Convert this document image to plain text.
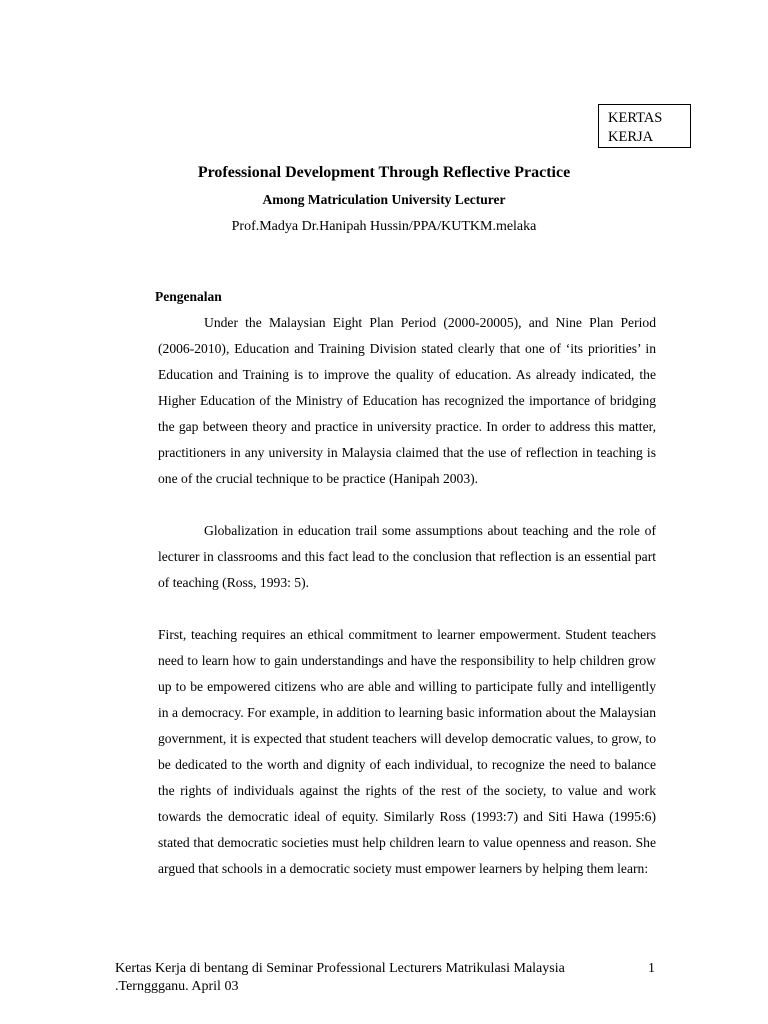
KERTAS
KERJA
Professional Development Through Reflective Practice
Among Matriculation University Lecturer
Prof.Madya Dr.Hanipah Hussin/PPA/KUTKM.melaka
Pengenalan

Under the Malaysian Eight Plan Period (2000-20005), and Nine Plan Period (2006-2010), Education and Training Division stated clearly that one of ‘its priorities’ in Education and Training is to improve the quality of education. As already indicated, the Higher Education of the Ministry of Education has recognized the importance of bridging the gap between theory and practice in university practice. In order to address this matter, practitioners in any university in Malaysia claimed that the use of reflection in teaching is one of the crucial technique to be practice (Hanipah 2003).

Globalization in education trail some assumptions about teaching and the role of lecturer in classrooms and this fact lead to the conclusion that reflection is an essential part of teaching (Ross, 1993: 5).

First, teaching requires an ethical commitment to learner empowerment. Student teachers need to learn how to gain understandings and have the responsibility to help children grow up to be empowered citizens who are able and willing to participate fully and intelligently in a democracy. For example, in addition to learning basic information about the Malaysian government, it is expected that student teachers will develop democratic values, to grow, to be dedicated to the worth and dignity of each individual, to recognize the need to balance the rights of individuals against the rights of the rest of the society, to value and work towards the democratic ideal of equity. Similarly Ross (1993:7) and Siti Hawa (1995:6) stated that democratic societies must help children learn to value openness and reason. She argued that schools in a democratic society must empower learners by helping them learn:

Kertas Kerja di bentang di Seminar Professional Lecturers Matrikulasi Malaysia .Ternggganu. April 03
1
